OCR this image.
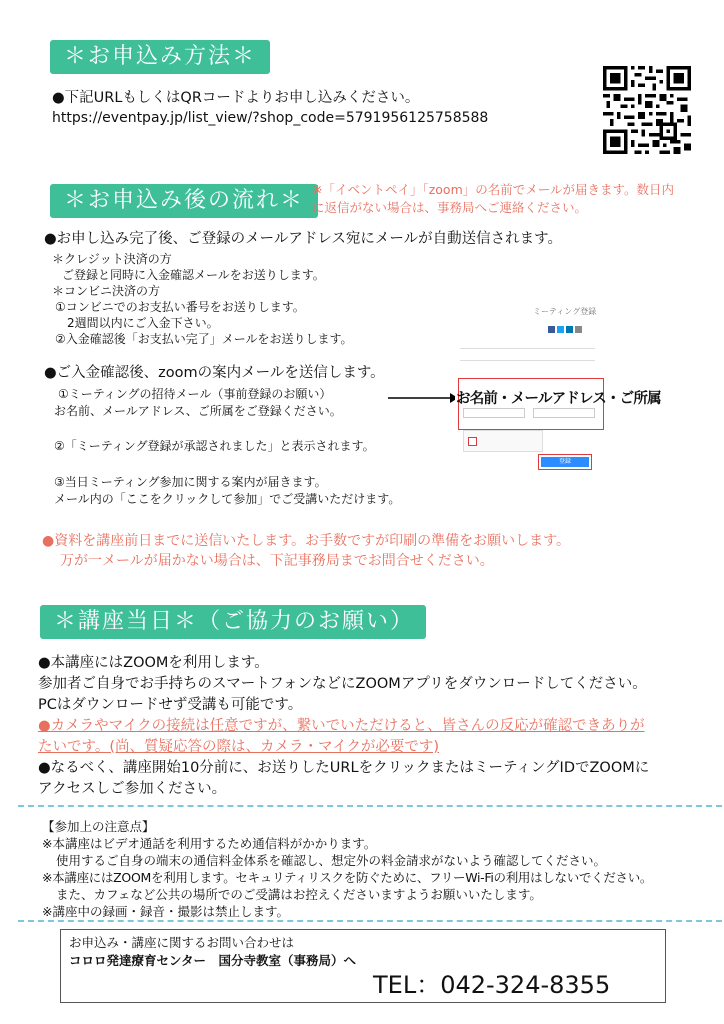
＊お申込み方法＊
●下記URLもしくはQRコードよりお申し込みください。
https://eventpay.jp/list_view/?shop_code=5791956125758588
＊お申込み後の流れ＊ ※「イベントペイ」「zoom」の名前でメールが届きます。数日内
に返信がない場合は、事務局へご連絡ください。
●お申し込み完了後、ご登録のメールアドレス宛にメールが自動送信されます。
＊クレジット決済の方
ご登録と同時に入金確認メールをお送りします。
＊コンビニ決済の方
①コンビニでのお支払い番号をお送りします。
2週間以内にご入金下さい。
②入金確認後「お支払い完了」メールをお送りします。
●ご入金確認後、zoomの案内メールを送信します。
①ミーティングの招待メール（事前登録のお願い）
お名前、メールアドレス、ご所属をご登録ください。
②「ミーティング登録が承認されました」と表示されます。
③当日ミーティング参加に関する案内が届きます。
メール内の「ここをクリックして参加」でご受講いただけます。
ミーティング登録
登録
お名前・メールアドレス・ご所属
●資料を講座前日までに送信いたします。お手数ですが印刷の準備をお願いします。
万が一メールが届かない場合は、下記事務局までお問合せください。
＊講座当日＊（ご協力のお願い）
●本講座にはZOOMを利用します。
参加者ご自身でお手持ちのスマートフォンなどにZOOMアプリをダウンロードしてください。
PCはダウンロードせず受講も可能です。
●カメラやマイクの接続は任意ですが、繋いでいただけると、皆さんの反応が確認できありが
たいです。(尚、質疑応答の際は、カメラ・マイクが必要です)
●なるべく、講座開始10分前に、お送りしたURLをクリックまたはミーティングIDでZOOMに
アクセスしご参加ください。
【参加上の注意点】
※本講座はビデオ通話を利用するため通信料がかかります。
使用するご自身の端末の通信料金体系を確認し、想定外の料金請求がないよう確認してください。
※本講座にはZOOMを利用します。セキュリティリスクを防ぐために、フリーWi-Fiの利用はしないでください。
また、カフェなど公共の場所でのご受講はお控えくださいますようお願いいたします。
※講座中の録画・録音・撮影は禁止します。
お申込み・講座に関するお問い合わせは
コロロ発達療育センター　国分寺教室（事務局）へ
TEL：042-324-8355
